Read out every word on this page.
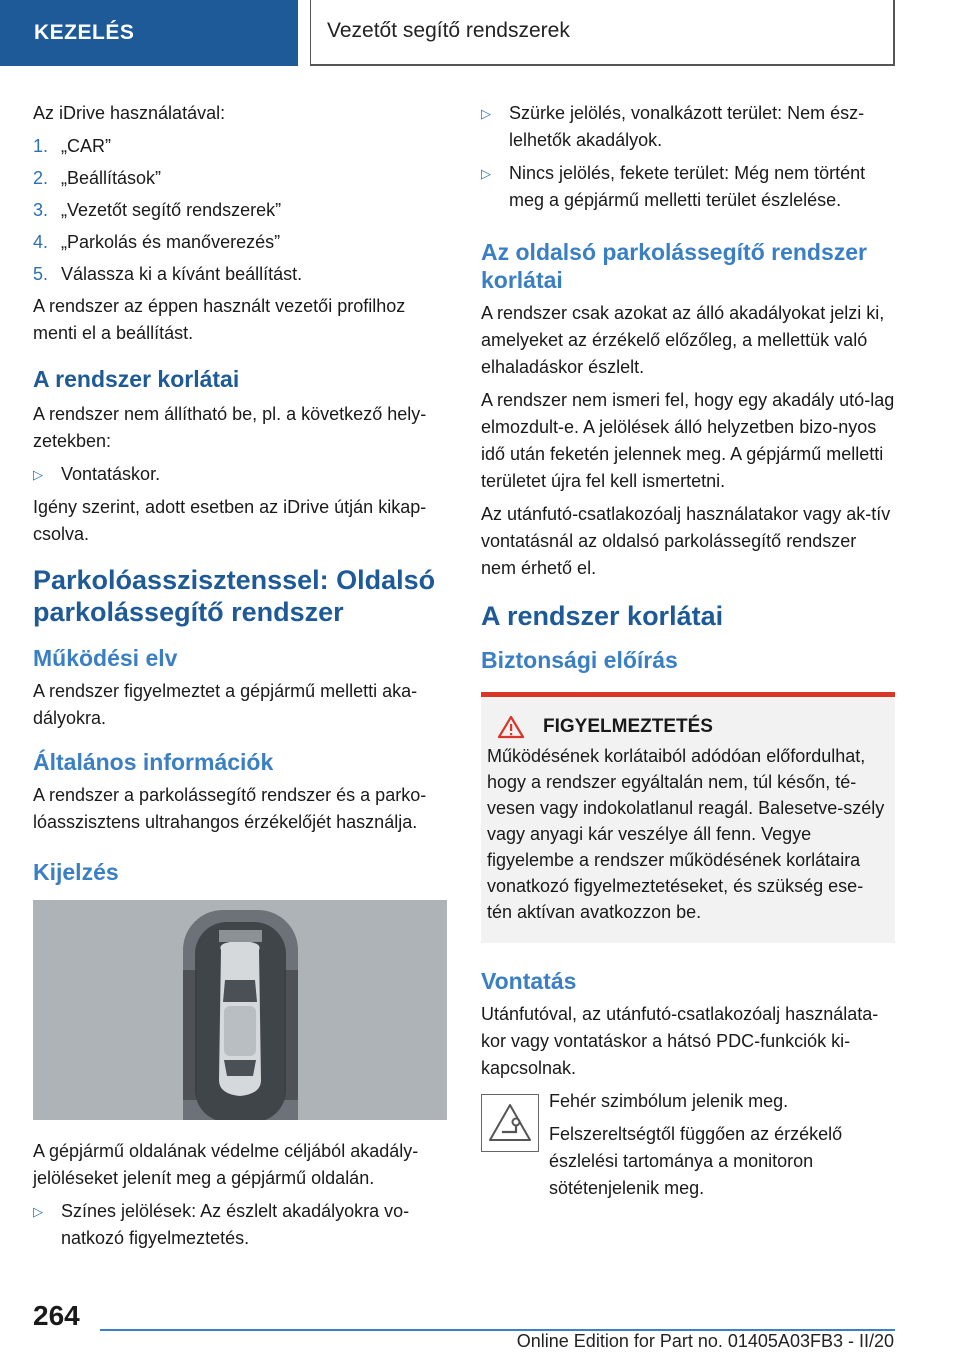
KEZELÉS	Vezetőt segítő rendszerek

Az iDrive használatával:

1. „CAR”
2. „Beállítások”
3. „Vezetőt segítő rendszerek”
4. „Parkolás és manőverezés”
5. Válassza ki a kívánt beállítást.

A rendszer az éppen használt vezetői profilhoz menti el a beállítást.

A rendszer korlátai

A rendszer nem állítható be, pl. a következő hely-zetekben:

▷	Vontatáskor.

Igény szerint, adott esetben az iDrive útján kikap-csolva.

Parkolóasszisztenssel: Oldalsó parkolássegítő rendszer
Működési elv

A rendszer figyelmeztet a gépjármű melletti aka-dályokra.

Általános információk

A rendszer a parkolássegítő rendszer és a parko-lóasszisztens ultrahangos érzékelőjét használja.

Kijelzés

A gépjármű oldalának védelme céljából akadály-jelöléseket jelenít meg a gépjármű oldalán.

▷	Színes jelölések: Az észlelt akadályokra vo-natkozó figyelmeztetés.
▷	Szürke jelölés, vonalkázott terület: Nem ész-lelhetők akadályok.
▷	Nincs jelölés, fekete terület: Még nem történt meg a gépjármű melletti terület észlelése.
Az oldalsó parkolássegítő rendszer korlátai

A rendszer csak azokat az álló akadályokat jelzi ki, amelyeket az érzékelő előzőleg, a mellettük való elhaladáskor észlelt.

A rendszer nem ismeri fel, hogy egy akadály utó-lag elmozdult-e. A jelölések álló helyzetben bizo-nyos idő után feketén jelennek meg. A gépjármű melletti területet újra fel kell ismertetni.

Az utánfutó-csatlakozóalj használatakor vagy ak-tív vontatásnál az oldalsó parkolássegítő rendszer nem érhető el.

A rendszer korlátai
Biztonsági előírás
FIGYELMEZTETÉS

Működésének korlátaiból adódóan előfordulhat, hogy a rendszer egyáltalán nem, túl későn, té-vesen vagy indokolatlanul reagál. Balesetve-szély vagy anyagi kár veszélye áll fenn. Vegye figyelembe a rendszer működésének korlátaira vonatkozó figyelmeztetéseket, és szükség ese-tén aktívan avatkozzon be.

Vontatás

Utánfutóval, az utánfutó-csatlakozóalj használata-kor vagy vontatáskor a hátsó PDC-funkciók ki-kapcsolnak.

Fehér szimbólum jelenik meg.

Felszereltségtől függően az érzékelő észlelési tartománya a monitoron sötétenjelenik meg.

264
Online Edition for Part no. 01405A03FB3 - II/20
